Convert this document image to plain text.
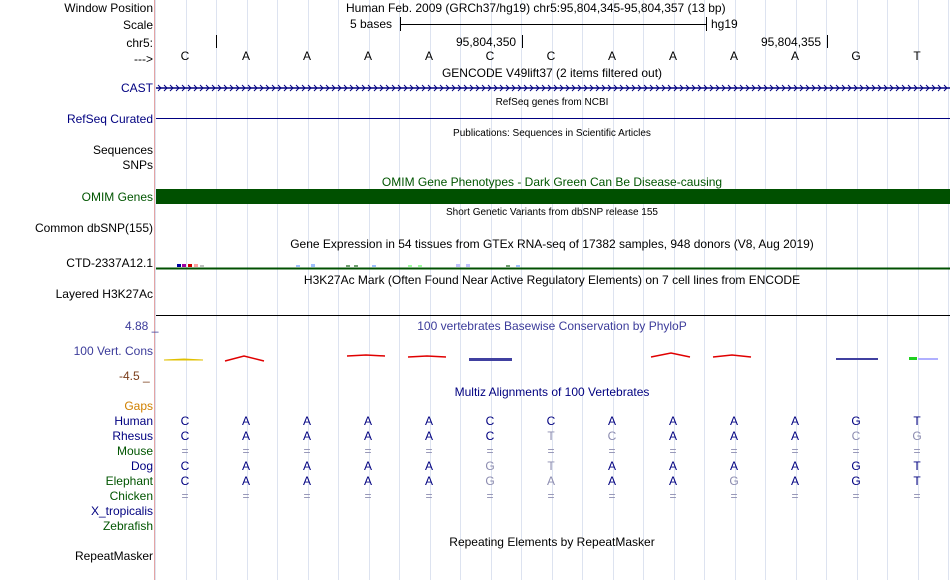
Window Position	Human Feb. 2009 (GRCh37/hg19) chr5:95,804,345-95,804,357 (13 bp)
Scale	5 bases	hg19
chr5:	95,804,350	95,804,355
--->	C	A	A	A	A	C	C	A	A	A	A	G	T
GENCODE V49lift37 (2 items filtered out)
CAST
RefSeq genes from NCBI
RefSeq Curated
Publications: Sequences in Scientific Articles
Sequences
SNPs
OMIM Gene Phenotypes - Dark Green Can Be Disease-causing
OMIM Genes
Short Genetic Variants from dbSNP release 155
Common dbSNP(155)
Gene Expression in 54 tissues from GTEx RNA-seq of 17382 samples, 948 donors (V8, Aug 2019)
CTD-2337A12.1
H3K27Ac Mark (Often Found Near Active Regulatory Elements) on 7 cell lines from ENCODE
Layered H3K27Ac
4.88 _	100 vertebrates Basewise Conservation by PhyloP
100 Vert. Cons
-4.5 _
Multiz Alignments of 100 Vertebrates
Gaps
Human	C	A	A	A	A	C	C	A	A	A	A	G	T
Rhesus	C	A	A	A	A	C	T	C	A	A	A	C	G
Mouse	=	=	=	=	=	=	=	=	=	=	=	=	=
Dog	C	A	A	A	A	G	T	A	A	A	A	G	T
Elephant	C	A	A	A	A	G	A	A	A	G	A	G	T
Chicken	=	=	=	=	=	=	=	=	=	=	=	=	=
X_tropicalis
Zebrafish
Repeating Elements by RepeatMasker
RepeatMasker
